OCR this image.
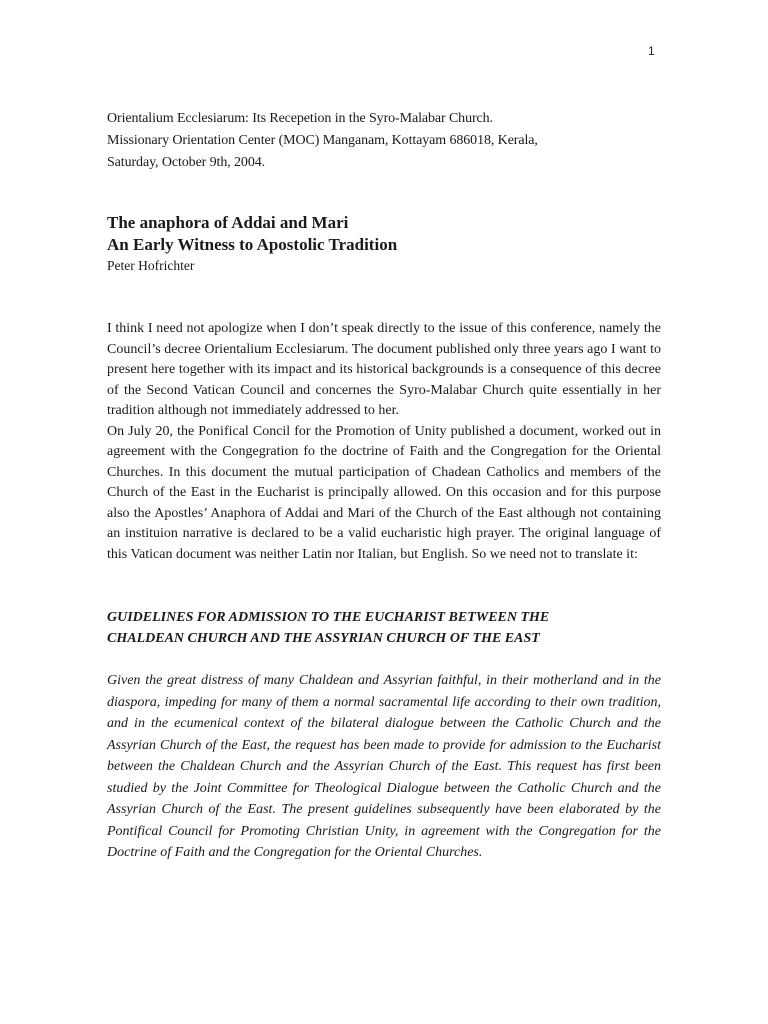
1
Orientalium Ecclesiarum: Its Recepetion in the Syro-Malabar Church.
Missionary Orientation Center (MOC) Manganam, Kottayam 686018, Kerala,
Saturday, October 9th, 2004.
The anaphora of Addai and Mari
An Early Witness to Apostolic Tradition
Peter Hofrichter

I think I need not apologize when I don’t speak directly to the issue of this conference, namely the Council’s decree Orientalium Ecclesiarum. The document published only three years ago I want to present here together with its impact and its historical backgrounds is a consequence of this decree of the Second Vatican Council and concernes the Syro-Malabar Church quite essentially in her tradition although not immediately addressed to her.

On July 20, the Ponifical Concil for the Promotion of Unity published a document, worked out in agreement with the Congegration fo the doctrine of Faith and the Congregation for the Oriental Churches. In this document the mutual participation of Chadean Catholics and members of the Church of the East in the Eucharist is principally allowed. On this occasion and for this purpose also the Apostles’ Anaphora of Addai and Mari of the Church of the East although not containing an instituion narrative is declared to be a valid eucharistic high prayer. The original language of this Vatican document was neither Latin nor Italian, but English. So we need not to translate it:

GUIDELINES FOR ADMISSION TO THE EUCHARIST BETWEEN THE
CHALDEAN CHURCH AND THE ASSYRIAN CHURCH OF THE EAST

Given the great distress of many Chaldean and Assyrian faithful, in their motherland and in the diaspora, impeding for many of them a normal sacramental life according to their own tradition, and in the ecumenical context of the bilateral dialogue between the Catholic Church and the Assyrian Church of the East, the request has been made to provide for admission to the Eucharist between the Chaldean Church and the Assyrian Church of the East. This request has first been studied by the Joint Committee for Theological Dialogue between the Catholic Church and the Assyrian Church of the East. The present guidelines subsequently have been elaborated by the Pontifical Council for Promoting Christian Unity, in agreement with the Congregation for the Doctrine of Faith and the Congregation for the Oriental Churches.
